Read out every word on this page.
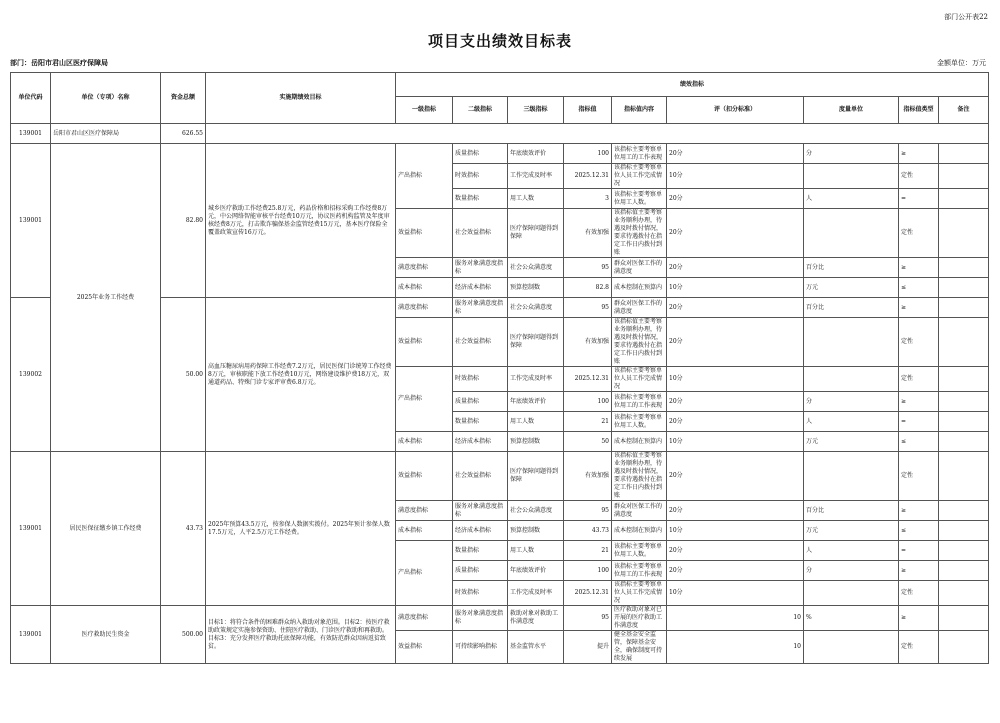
部门公开表22
项目支出绩效目标表
部门：岳阳市君山区医疗保障局	金额单位：万元
单位代码	单位（专项）名称	资金总额	实施期绩效目标	绩效指标								
				一级指标	二级指标	三级指标	指标值	指标值内容	评（扣分标准）	度量单位	指标值类型	备注
139001	岳阳市君山区医疗保障局	626.55										
139001	2025年业务工作经费	82.80	城乡医疗救助工作经费25.8万元，药品价格和招标采购工作经费8万元，中公网络智能审核平台经费10万元，协议医药机构监管及年度审核经费8万元，打击欺诈骗保基金监管经费15万元，基本医疗保险全覆盖政策宣传16万元。	产出指标	质量指标	年底绩效评价	100	该指标主要考察单位用工的工作表现	20分	分	≥	
					时效指标	工作完成及时率	2025.12.31	该指标主要考察单位人员工作完成情况	10分		定性	
					数量指标	用工人数	3	该指标主要考察单位用工人数。	20分	人	=	
				效益指标	社会效益指标	医疗保障问题得到保障	有效加强	该指标值主要考察业务顺利办理，待遇及时拨付情况，要求待遇拨付在指定工作日内拨付到账	20分		定性	
				满意度指标	服务对象满意度指标	社会公众满意度	95	群众对医保工作的满意度	20分	百分比	≥	
				成本指标	经济成本指标	预算控制数	82.8	成本控制在预算内	10分	万元	≤	
139002		50.00	高血压糖尿病用药保障工作经费7.2万元，居民医保门诊统筹工作经费8万元，审核职能下放工作经费10万元，网络建设维护费18万元，双通道药品、特殊门诊专家评审费6.8万元。	满意度指标	服务对象满意度指标	社会公众满意度	95	群众对医保工作的满意度	20分	百分比	≥	
				效益指标	社会效益指标	医疗保障问题得到保障	有效加强	该指标值主要考察业务顺利办理，待遇及时拨付情况，要求待遇拨付在指定工作日内拨付到账	20分		定性	
				产出指标	时效指标	工作完成及时率	2025.12.31	该指标主要考察单位人员工作完成情况	10分		定性	
					质量指标	年底绩效评价	100	该指标主要考察单位用工的工作表现	20分	分	≥	
					数量指标	用工人数	21	该指标主要考察单位用工人数。	20分	人	=	
				成本指标	经济成本指标	预算控制数	50	成本控制在预算内	10分	万元	≤	
139001	居民医保征缴乡镇工作经费	43.73	2025年预算43.5万元，按参保人数据实拨付。2025年预计参保人数17.5万元，人平2.5万元工作经费。	效益指标	社会效益指标	医疗保障问题得到保障	有效加强	该指标值主要考察业务顺利办理，待遇及时拨付情况，要求待遇拨付在指定工作日内拨付到账	20分		定性	
				满意度指标	服务对象满意度指标	社会公众满意度	95	群众对医保工作的满意度	20分	百分比	≥	
				成本指标	经济成本指标	预算控制数	43.73	成本控制在预算内	10分	万元	≤	
				产出指标	数量指标	用工人数	21	该指标主要考察单位用工人数。	20分	人	=	
					质量指标	年底绩效评价	100	该指标主要考察单位用工的工作表现	20分	分	≥	
					时效指标	工作完成及时率	2025.12.31	该指标主要考察单位人员工作完成情况	10分		定性	
139001	医疗救助民生资金	500.00	目标1：将符合条件的困难群众纳入救助对象范围。目标2：按医疗救助政策规定实施参保资助、住院医疗救助、门诊医疗救助和再救助。目标3：充分发挥医疗救助托底保障功能，有效防范群众因病返贫致贫。	满意度指标	服务对象满意度指标	救助对象对救助工作满意度	95	医疗救助对象对已开展的医疗救助工作满意度	10	%	≥	
				效益指标	可持续影响指标	基金监管水平	提升	健全基金安全监管，保障基金安全，确保制度可持续发展	10		定性	
